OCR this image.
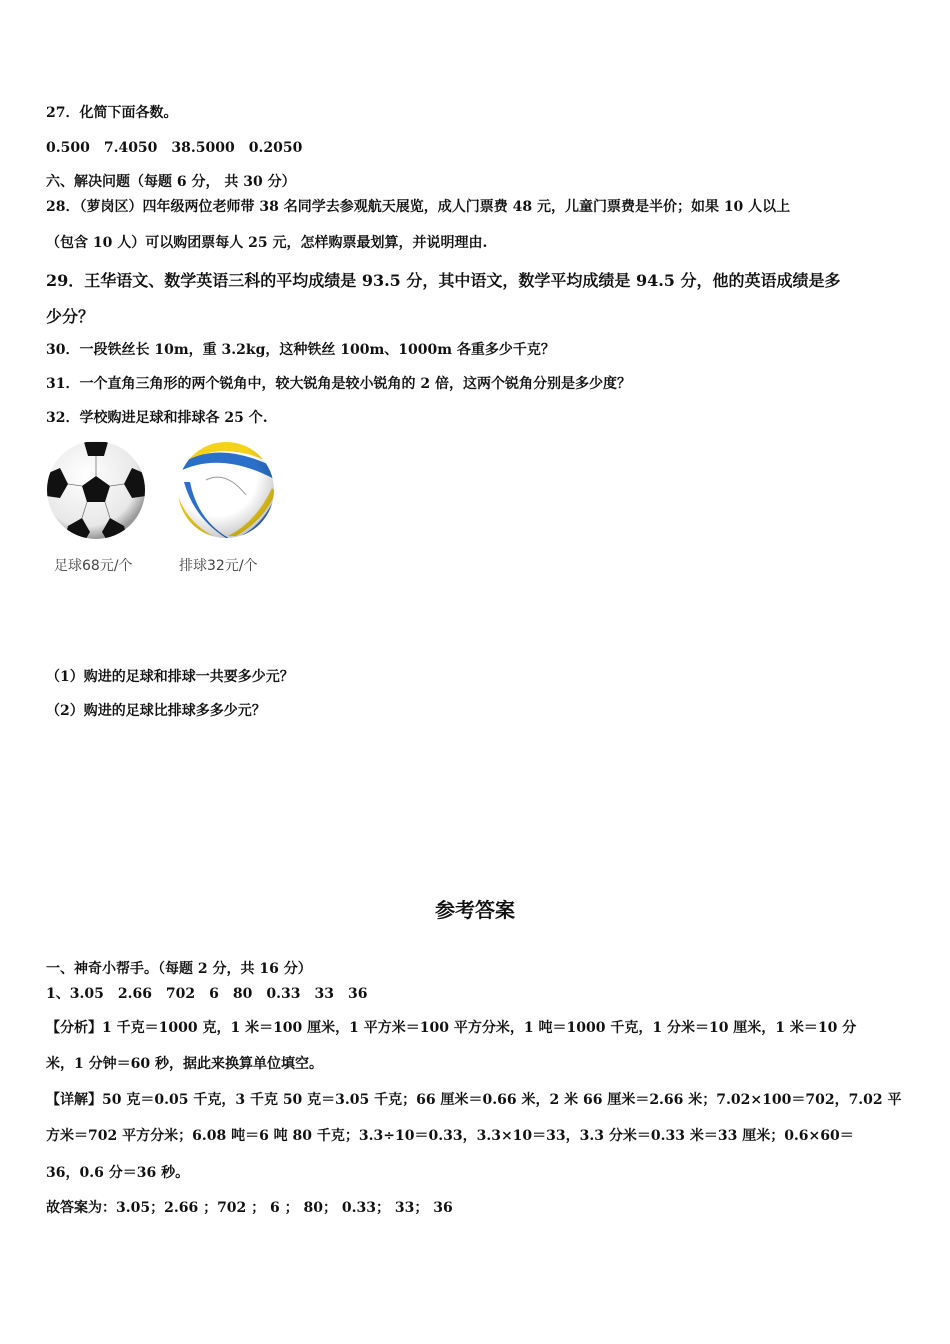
27．化简下面各数。
0.500　7.4050　38.5000　0.2050
六、解决问题（每题 6 分， 共 30 分）
28．（萝岗区）四年级两位老师带 38 名同学去参观航天展览，成人门票费 48 元，儿童门票费是半价；如果 10 人以上
（包含 10 人）可以购团票每人 25 元，怎样购票最划算，并说明理由.
29．王华语文、数学英语三科的平均成绩是 93.5 分，其中语文，数学平均成绩是 94.5 分，他的英语成绩是多
少分？
30．一段铁丝长 10m，重 3.2kg，这种铁丝 100m、1000m 各重多少千克？
31．一个直角三角形的两个锐角中，较大锐角是较小锐角的 2 倍，这两个锐角分别是多少度？
32．学校购进足球和排球各 25 个.
足球68元/个	排球32元/个
（1）购进的足球和排球一共要多少元？
（2）购进的足球比排球多多少元？
参考答案
一、神奇小帮手。（每题 2 分，共 16 分）
1、3.05　2.66　702　6　80　0.33　33　36
【分析】1 千克＝1000 克，1 米＝100 厘米，1 平方米＝100 平方分米，1 吨＝1000 千克，1 分米＝10 厘米，1 米＝10 分
米，1 分钟＝60 秒，据此来换算单位填空。
【详解】50 克＝0.05 千克，3 千克 50 克＝3.05 千克；66 厘米＝0.66 米，2 米 66 厘米＝2.66 米；7.02×100＝702，7.02 平
方米＝702 平方分米；6.08 吨＝6 吨 80 千克；3.3÷10＝0.33，3.3×10＝33，3.3 分米＝0.33 米＝33 厘米；0.6×60＝
36，0.6 分＝36 秒。
故答案为：3.05；2.66 ；702 ； 6 ； 80； 0.33； 33； 36
